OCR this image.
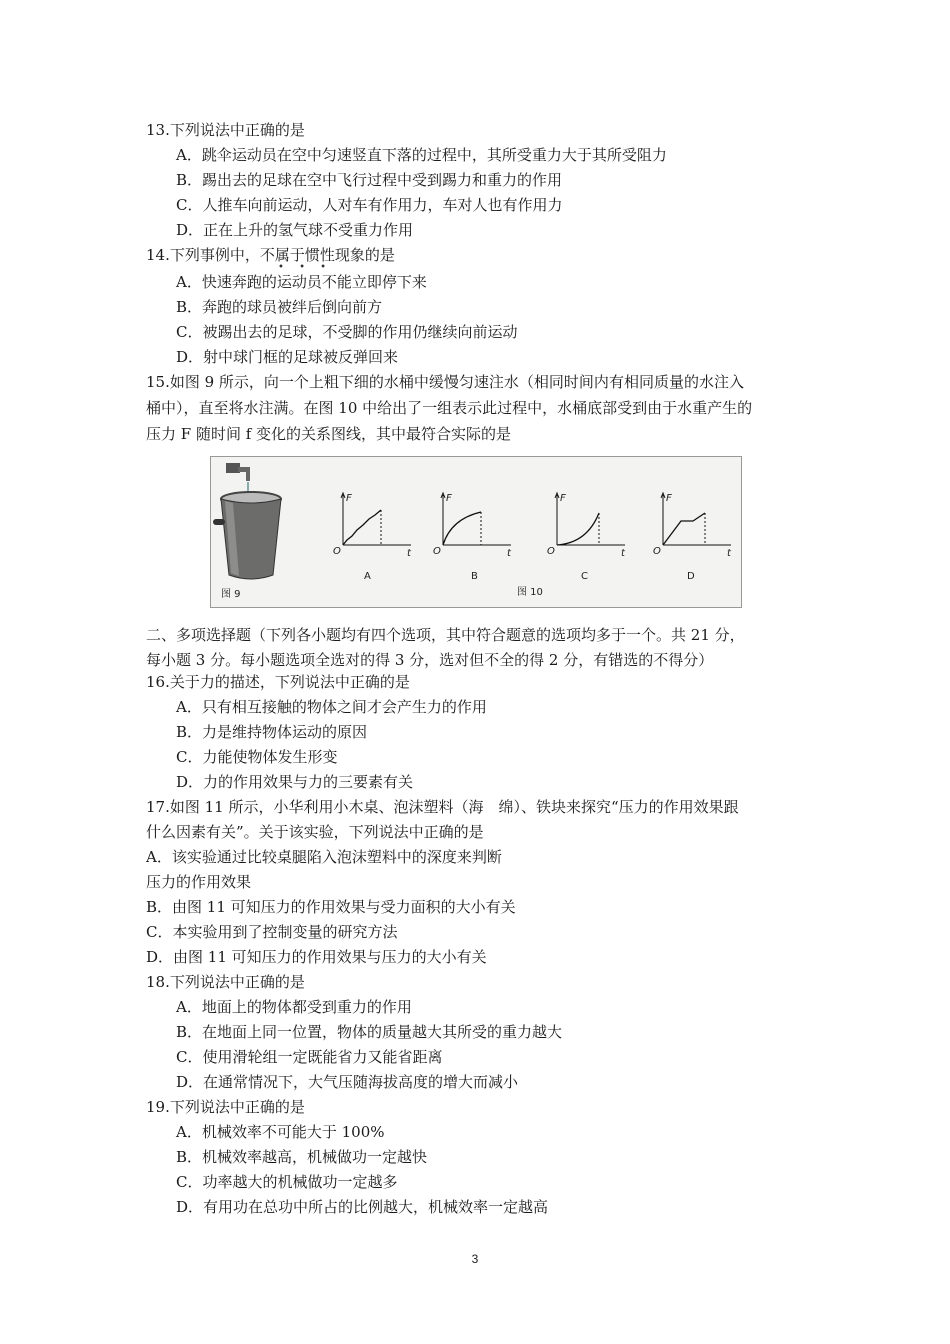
13.下列说法中正确的是
A．跳伞运动员在空中匀速竖直下落的过程中，其所受重力大于其所受阻力
B．踢出去的足球在空中飞行过程中受到踢力和重力的作用
C．人推车向前运动，人对车有作用力，车对人也有作用力
D．正在上升的氢气球不受重力作用
14.下列事例中，不属于惯性现象的是
• • •
A．快速奔跑的运动员不能立即停下来
B．奔跑的球员被绊后倒向前方
C．被踢出去的足球，不受脚的作用仍继续向前运动
D．射中球门框的足球被反弹回来
15.如图 9 所示，向一个上粗下细的水桶中缓慢匀速注水（相同时间内有相同质量的水注入
桶中），直至将水注满。在图 10 中给出了一组表示此过程中，水桶底部受到由于水重产生的
压力 F 随时间 f 变化的关系图线，其中最符合实际的是
图 9
F
t
O
A
F
t
O
B
F
t
O
C
F
t
O
D
图 10
二、多项选择题（下列各小题均有四个选项，其中符合题意的选项均多于一个。共 21 分，
每小题 3 分。每小题选项全选对的得 3 分，选对但不全的得 2 分，有错选的不得分）
16.关于力的描述，下列说法中正确的是
A．只有相互接触的物体之间才会产生力的作用
B．力是维持物体运动的原因
C．力能使物体发生形变
D．力的作用效果与力的三要素有关
17.如图 11 所示，小华利用小木桌、泡沫塑料（海　绵）、铁块来探究“压力的作用效果跟
什么因素有关”。关于该实验，下列说法中正确的是
A．该实验通过比较桌腿陷入泡沫塑料中的深度来判断
压力的作用效果
B．由图 11 可知压力的作用效果与受力面积的大小有关
C．本实验用到了控制变量的研究方法
D．由图 11 可知压力的作用效果与压力的大小有关
18.下列说法中正确的是
A．地面上的物体都受到重力的作用
B．在地面上同一位置，物体的质量越大其所受的重力越大
C．使用滑轮组一定既能省力又能省距离
D．在通常情况下，大气压随海拔高度的增大而减小
19.下列说法中正确的是
A．机械效率不可能大于 100%
B．机械效率越高，机械做功一定越快
C．功率越大的机械做功一定越多
D．有用功在总功中所占的比例越大，机械效率一定越高
3
